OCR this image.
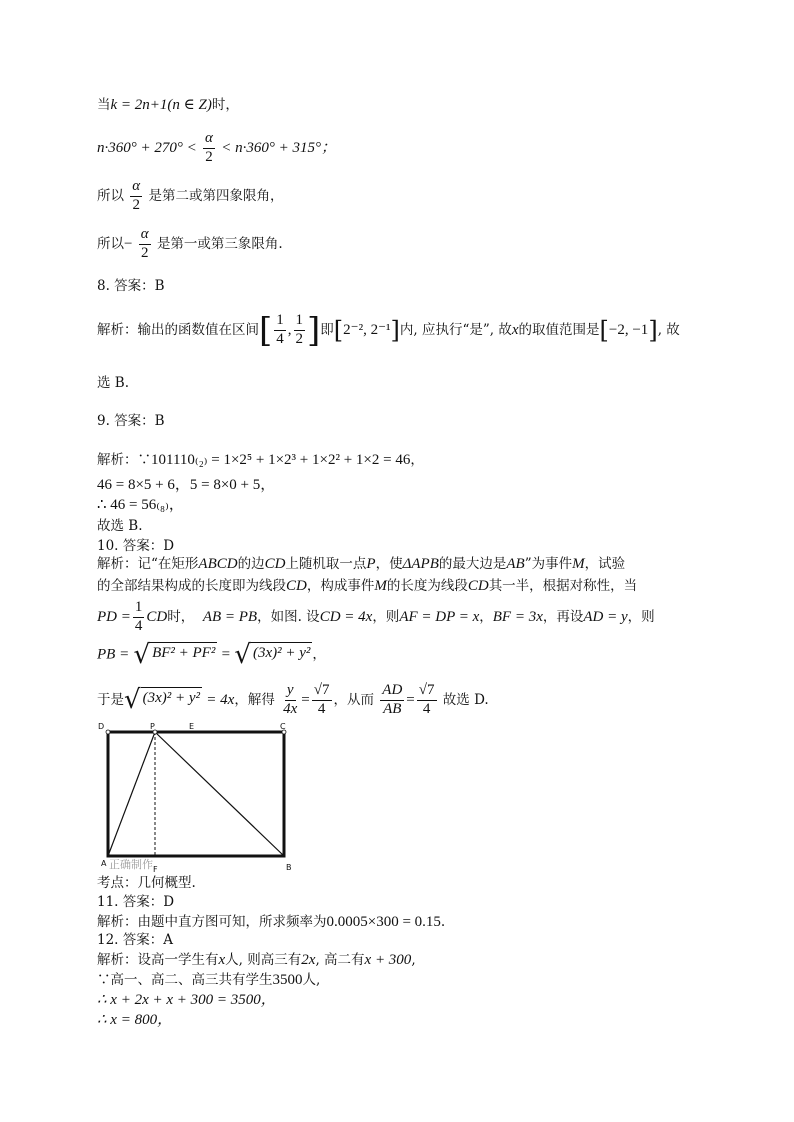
当k = 2n+1(n ∈ Z)时，
$n\cdot 360^\circ + 270^\circ < \frac{\alpha}{2} < n\cdot 360^\circ + 315^\circ$；
所以 $\frac{\alpha}{2}$ 是第二或第四象限角，
所以− $\frac{\alpha}{2}$ 是第一或第三象限角.
8. 答案：B
解析：输出的函数值在区间[ $\frac{1}{4}$ , $\frac{1}{2}$ ]即[2⁻², 2⁻¹]内, 应执行“是”, 故x的取值范围是[−2, −1], 故
选 B.
9. 答案：B
解析：∵101110₍₂₎ = 1×2⁵ + 1×2³ + 1×2² + 1×2 = 46，
46 = 8×5 + 6，5 = 8×0 + 5，
∴ 46 = 56₍₈₎，
故选 B.
10. 答案：D
解析：记“在矩形ABCD的边CD上随机取一点P，使ΔAPB的最大边是AB”为事件M，试验
的全部结果构成的长度即为线段CD，构成事件M的长度为线段CD其一半，根据对称性，当
PD = $\frac{1}{4}$ CD时， AB = PB，如图. 设CD = 4x，则AF = DP = x，BF = 3x，再设AD = y，则
PB = √ BF² + PF² = √ (3x)² + y² ，
于是 √ (3x)² + y² = 4x，解得 $\frac{y}{4x} = \frac{√7}{4}$ ，从而 $\frac{AD}{AB} = \frac{√7}{4}$ 故选 D.
D	P	E	C
A
F	B
正确制作
考点：几何概型.
11. 答案：D
解析：由题中直方图可知，所求频率为0.0005×300 = 0.15.
12. 答案：A
解析：设高一学生有x人, 则高三有2x, 高二有x + 300,
∵高一、高二、高三共有学生3500人,
∴ x + 2x + x + 300 = 3500，
∴ x = 800，
